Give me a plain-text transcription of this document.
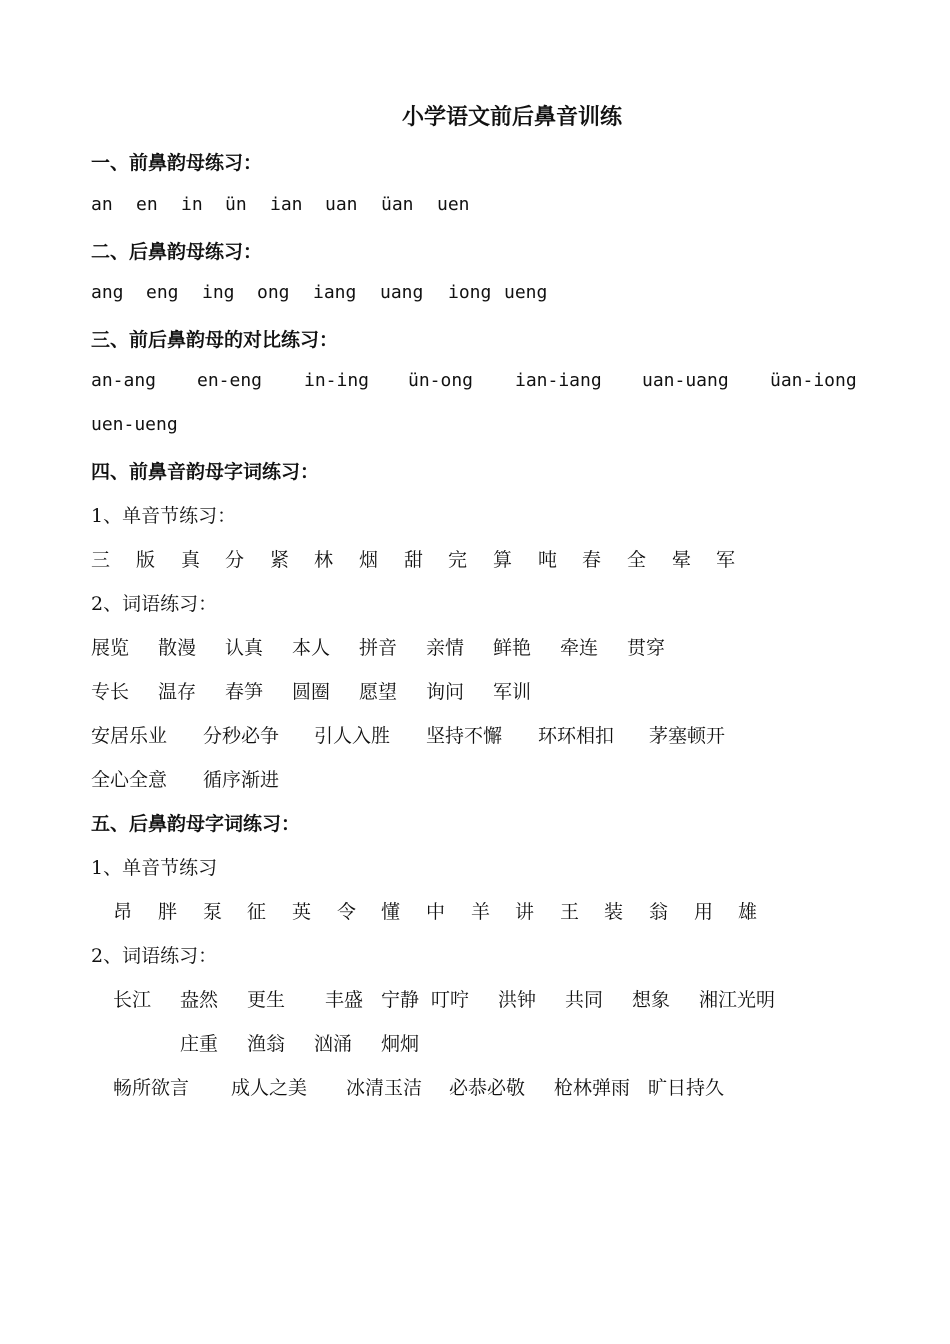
小学语文前后鼻音训练
一、前鼻韵母练习：
an en in ün ian uan üan uen
二、后鼻韵母练习：
ang eng ing ong iang uang iong ueng
三、前后鼻韵母的对比练习：
an-ang en-eng in-ing ün-ong ian-iang uan-uang üan-iong
uen-ueng
四、前鼻音韵母字词练习：
1、单音节练习：
三 版 真 分 紧 林 烟 甜 完 算 吨 春 全 晕 军
2、词语练习：
展览 散漫 认真 本人 拼音 亲情 鲜艳 牵连 贯穿
专长 温存 春笋 圆圈 愿望 询问 军训
安居乐业 分秒必争 引人入胜 坚持不懈 环环相扣 茅塞顿开
全心全意 循序渐进
五、后鼻韵母字词练习：
1、单音节练习
昂 胖 泵 征 英 令 懂 中 羊 讲 王 装 翁 用 雄
2、词语练习：
长江 盎然 更生 丰盛 宁静 叮咛 洪钟 共同 想象 湘江光明
庄重 渔翁 汹涌 炯炯
畅所欲言 成人之美 冰清玉洁 必恭必敬 枪林弹雨 旷日持久
